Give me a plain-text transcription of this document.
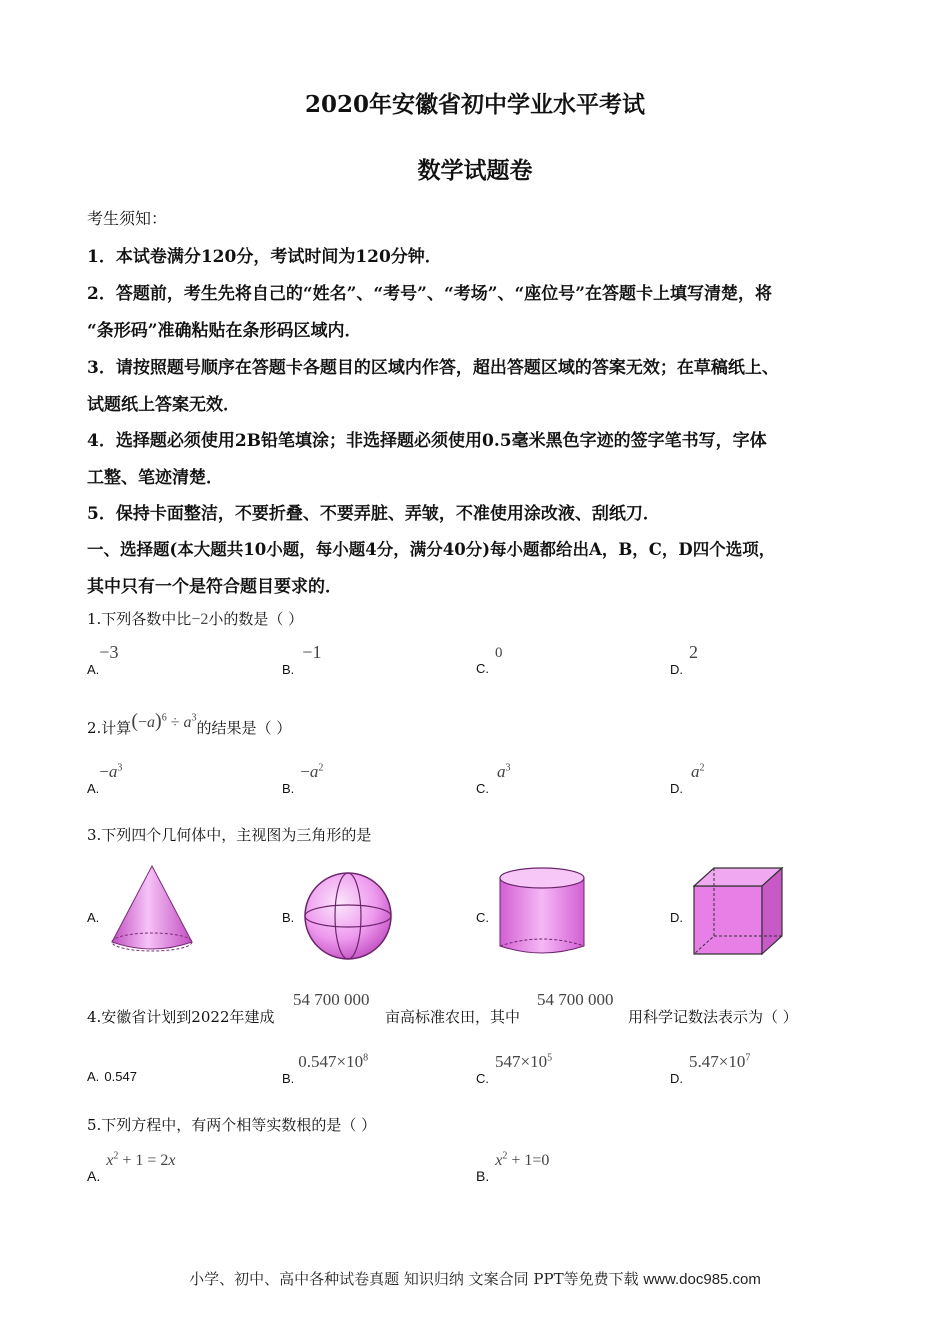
2020年安徽省初中学业水平考试
数学试题卷
考生须知：
1．本试卷满分120分，考试时间为120分钟．
2．答题前，考生先将自己的“姓名”、“考号”、“考场”、“座位号”在答题卡上填写清楚，将
“条形码”准确粘贴在条形码区域内．
3．请按照题号顺序在答题卡各题目的区域内作答，超出答题区域的答案无效；在草稿纸上、
试题纸上答案无效．
4．选择题必须使用2B铅笔填涂；非选择题必须使用0.5毫米黑色字迹的签字笔书写，字体
工整、笔迹清楚．
5．保持卡面整洁，不要折叠、不要弄脏、弄皱，不准使用涂改液、刮纸刀．
一、选择题(本大题共10小题，每小题4分，满分40分)每小题都给出A，B，C，D四个选项，
其中只有一个是符合题目要求的．
1.下列各数中比−2小的数是（ ）
$_{A.}$−3
$_{B.}$−1
$_{C.}$0
$_{D.}$2
2.计算$(-a)^6 \div a^3$的结果是（ ）
$_{A.}-a^3$
$_{B.}-a^2$
$_{C.}a^3$
$_{D.}a^2$
3.下列四个几何体中，主视图为三角形的是
A.	B.	C.	D.
4.安徽省计划到2022年建成
54 700 000
亩高标准农田，其中
54 700 000
用科学记数法表示为（ ）
A. 0.547	$_{B.}0.547\times 10^8$
$_{C.}547\times 10^5$
$_{D.}5.47\times 10^7$
5.下列方程中，有两个相等实数根的是（ ）
$A.x^2 + 1 = 2x$
$B.x^2 + 1=0$
小学、初中、高中各种试卷真题 知识归纳 文案合同 PPT等免费下载 www.doc985.com
